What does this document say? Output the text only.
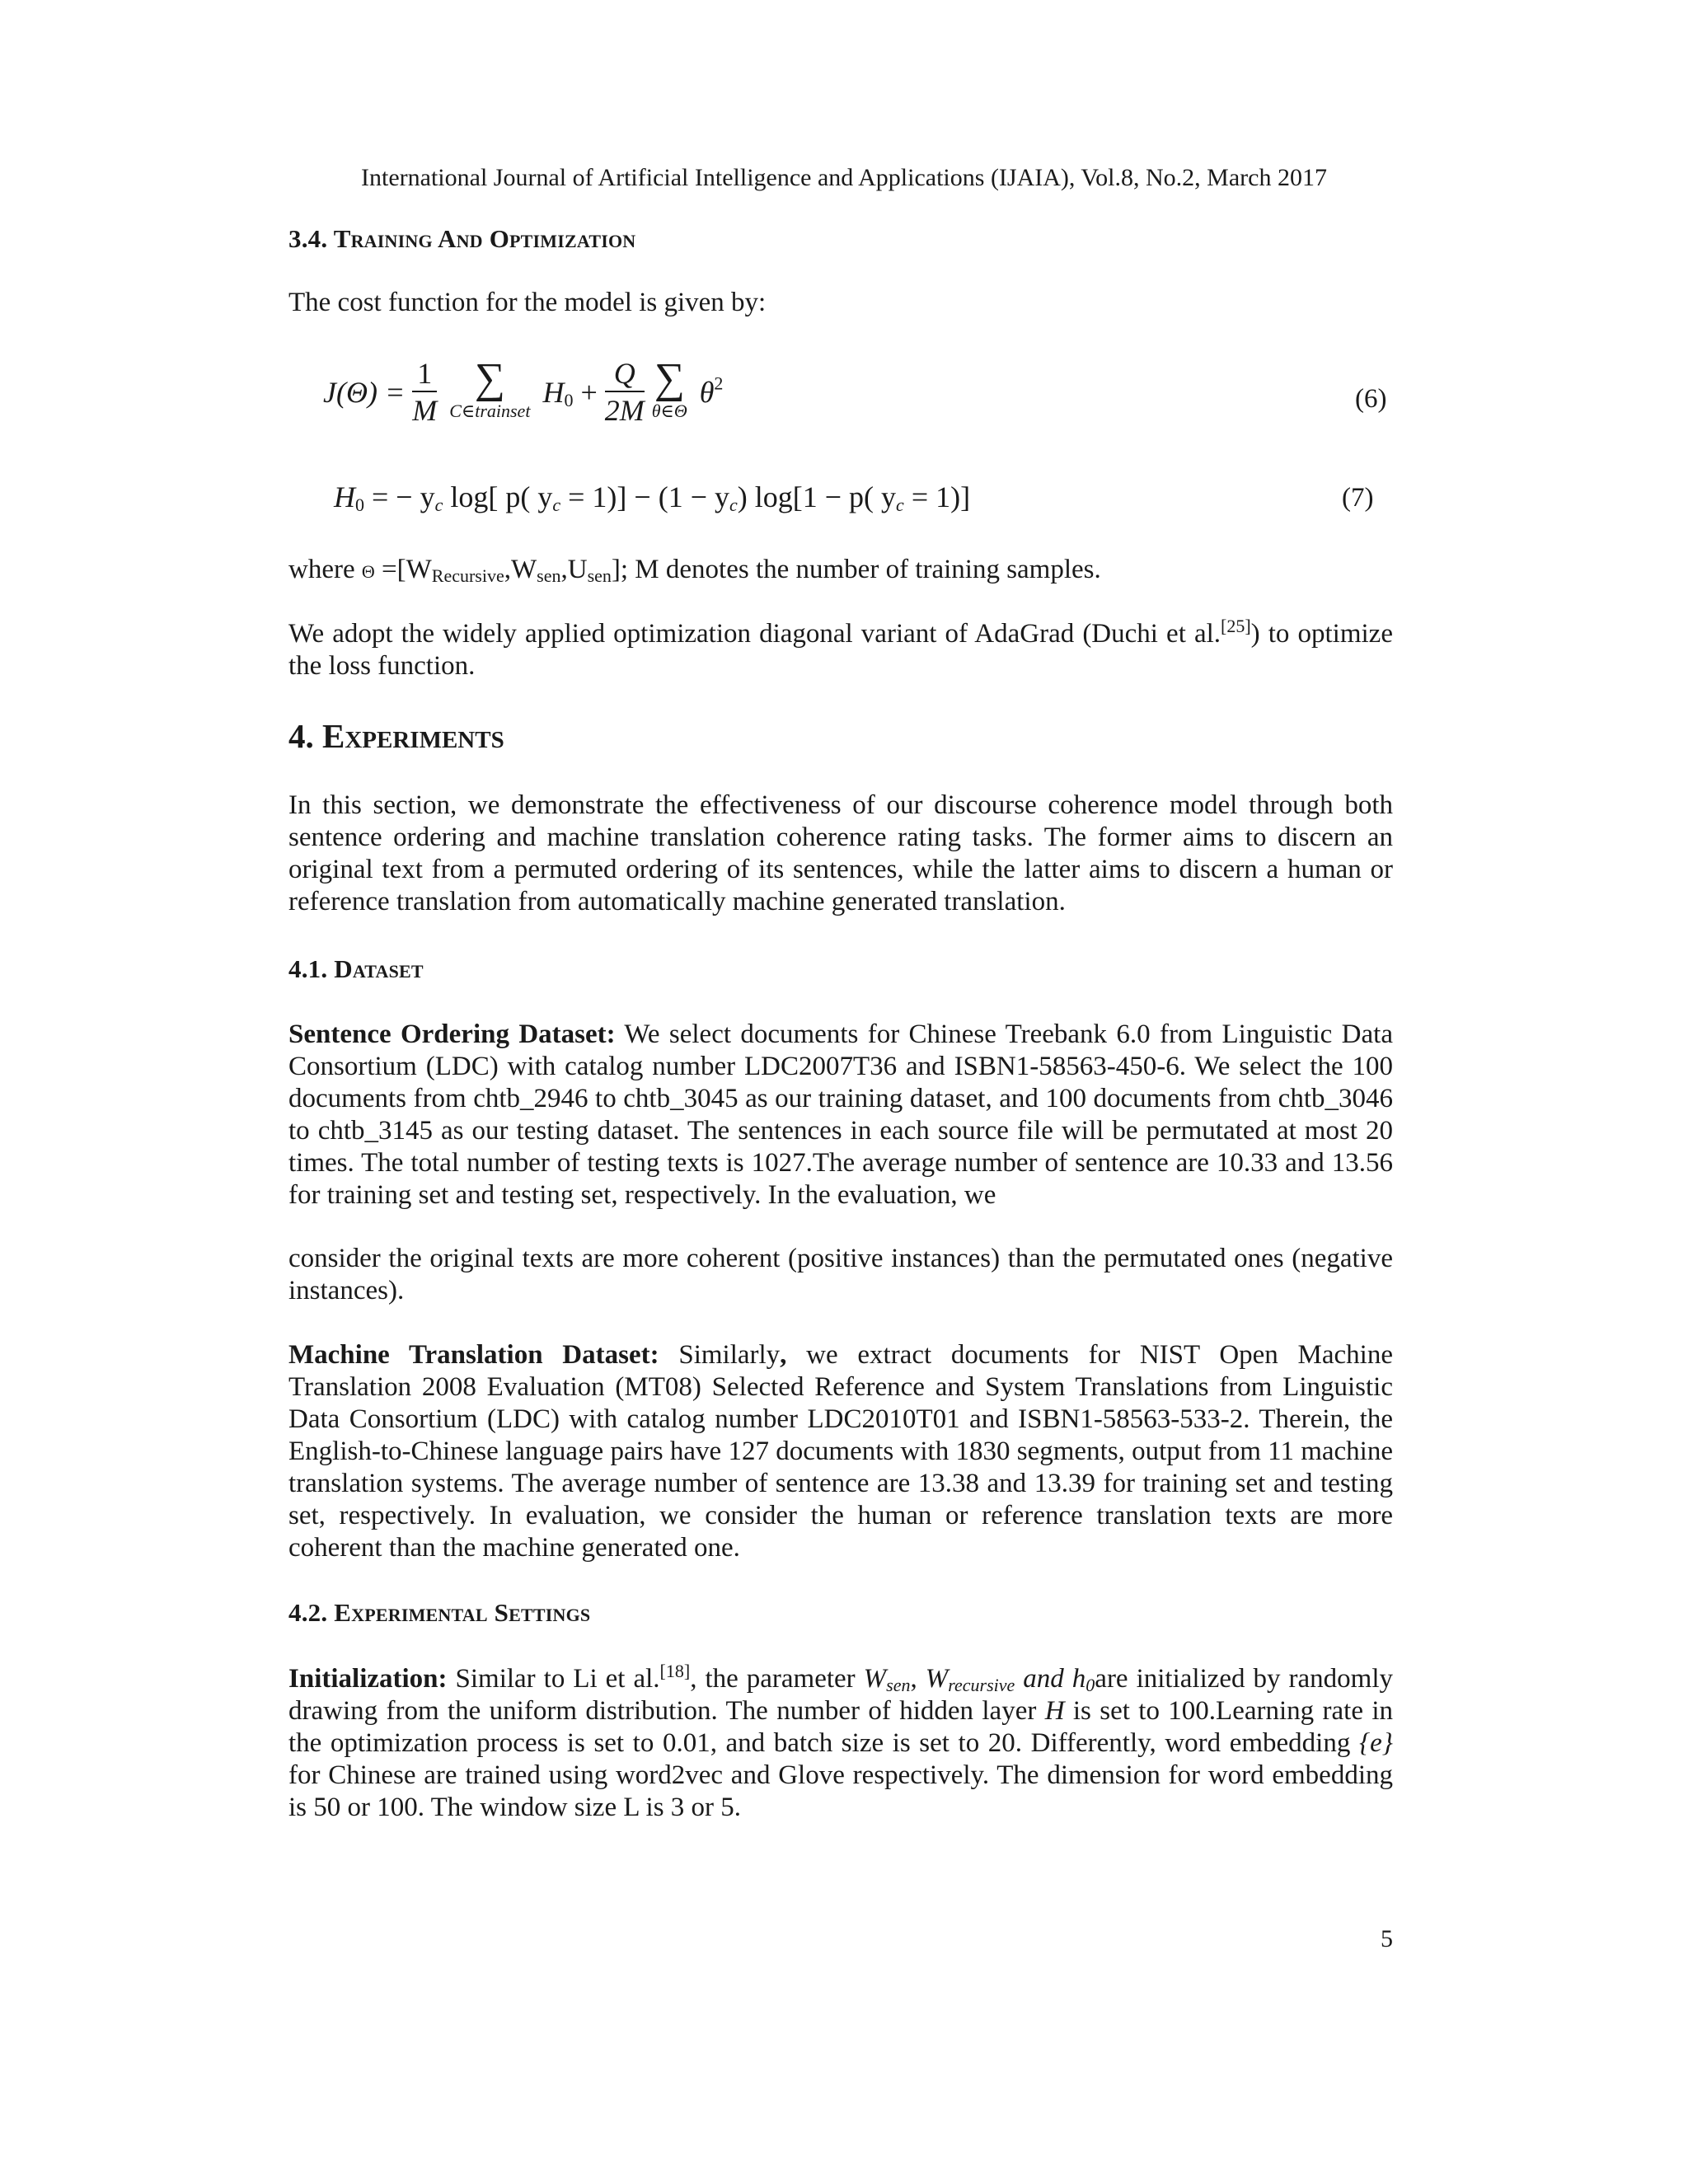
International Journal of Artificial Intelligence and Applications (IJAIA), Vol.8, No.2, March 2017
3.4. Training And Optimization

The cost function for the model is given by:

$J(\Theta) = \frac{1}{M}$
∑
C∈trainset
$H_0 + \frac{Q}{2M}$
∑
θ∈Θ
$\theta^2$
(6)
$H_0$ = − $y_c$ log[ p( $y_c = 1)] - (1 - y_c)$ log[1 − p( $y_c = 1$)]	(7)

where $\Theta =[W_{Recursive},W_{sen},U_{sen}]$; M denotes the number of training samples.

We adopt the widely applied optimization diagonal variant of AdaGrad (Duchi et al.[25]) to optimize the loss function.

4. Experiments

In this section, we demonstrate the effectiveness of our discourse coherence model through both sentence ordering and machine translation coherence rating tasks. The former aims to discern an original text from a permuted ordering of its sentences, while the latter aims to discern a human or reference translation from automatically machine generated translation.

4.1. Dataset

Sentence Ordering Dataset: We select documents for Chinese Treebank 6.0 from Linguistic Data Consortium (LDC) with catalog number LDC2007T36 and ISBN1-58563-450-6. We select the 100 documents from chtb_2946 to chtb_3045 as our training dataset, and 100 documents from chtb_3046 to chtb_3145 as our testing dataset. The sentences in each source file will be permutated at most 20 times. The total number of testing texts is 1027.The average number of sentence are 10.33 and 13.56 for training set and testing set, respectively. In the evaluation, we

consider the original texts are more coherent (positive instances) than the permutated ones (negative instances).

Machine Translation Dataset: Similarly, we extract documents for NIST Open Machine Translation 2008 Evaluation (MT08) Selected Reference and System Translations from Linguistic Data Consortium (LDC) with catalog number LDC2010T01 and ISBN1-58563-533-2. Therein, the English-to-Chinese language pairs have 127 documents with 1830 segments, output from 11 machine translation systems. The average number of sentence are 13.38 and 13.39 for training set and testing set, respectively. In evaluation, we consider the human or reference translation texts are more coherent than the machine generated one.

4.2. Experimental Settings

Initialization: Similar to Li et al.[18], the parameter $W_{sen}$, $W_{recursive}$ and $h_0are$ initialized by randomly drawing from the uniform distribution. The number of hidden layer H is set to 100.Learning rate in the optimization process is set to 0.01, and batch size is set to 20. Differently, word embedding {e} for Chinese are trained using word2vec and Glove respectively. The dimension for word embedding is 50 or 100. The window size L is 3 or 5.

5
